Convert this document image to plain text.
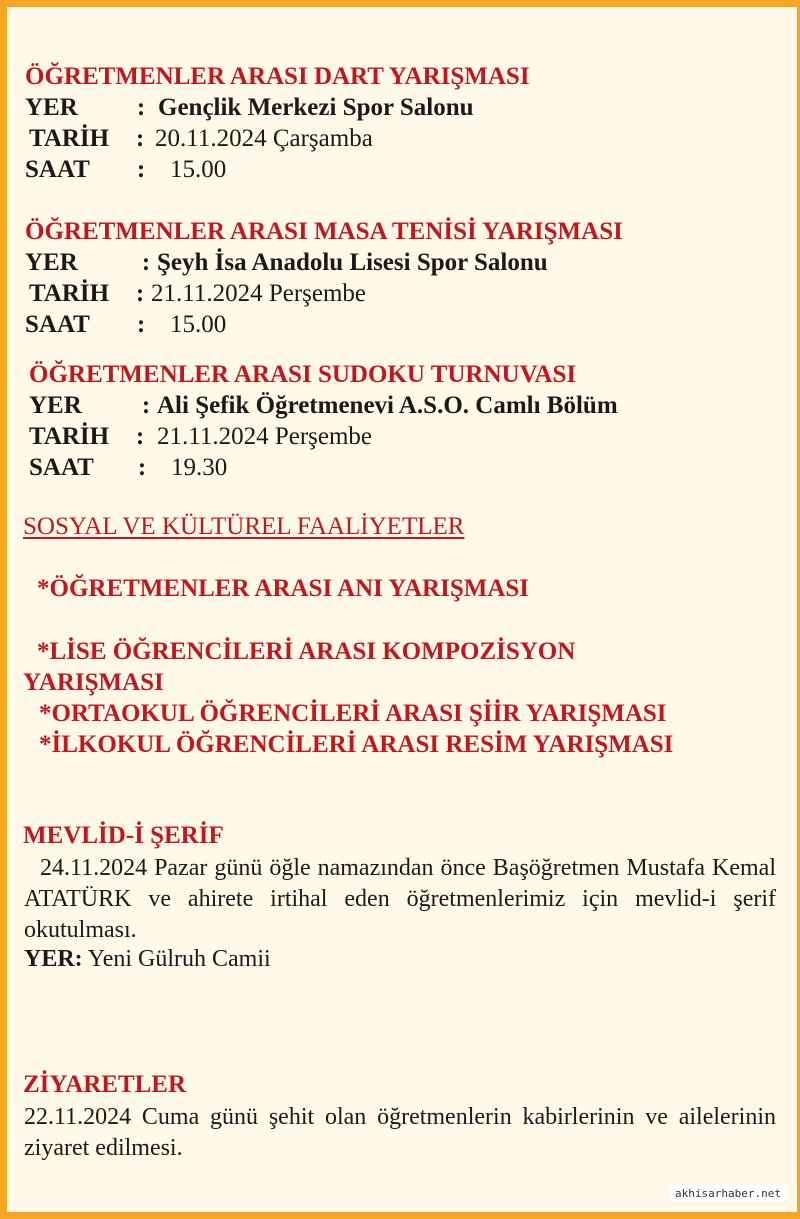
ÖĞRETMENLER ARASI DART YARIŞMASI
YER : Gençlik Merkezi Spor Salonu
TARİH : 20.11.2024 Çarşamba
SAAT : 15.00
ÖĞRETMENLER ARASI MASA TENİSİ YARIŞMASI
YER	: Şeyh İsa Anadolu Lisesi Spor Salonu
TARİH : 21.11.2024 Perşembe
SAAT : 15.00
ÖĞRETMENLER ARASI SUDOKU TURNUVASI
YER : Ali Şefik Öğretmenevi A.S.O. Camlı Bölüm
TARİH : 21.11.2024 Perşembe
SAAT : 19.30
SOSYAL VE KÜLTÜREL FAALİYETLER
*ÖĞRETMENLER ARASI ANI YARIŞMASI
*LİSE ÖĞRENCİLERİ ARASI KOMPOZİSYON
YARIŞMASI
*ORTAOKUL ÖĞRENCİLERİ ARASI ŞİİR YARIŞMASI
*İLKOKUL ÖĞRENCİLERİ ARASI RESİM YARIŞMASI
MEVLİD-İ ŞERİF
24.11.2024 Pazar günü öğle namazından önce Başöğretmen Mustafa Kemal ATATÜRK ve ahirete irtihal eden öğretmenlerimiz için mevlid-i şerif okutulması.
YER: Yeni Gülruh Camii
ZİYARETLER
22.11.2024 Cuma günü şehit olan öğretmenlerin kabirlerinin ve ailelerinin ziyaret edilmesi.
akhisarhaber.net
